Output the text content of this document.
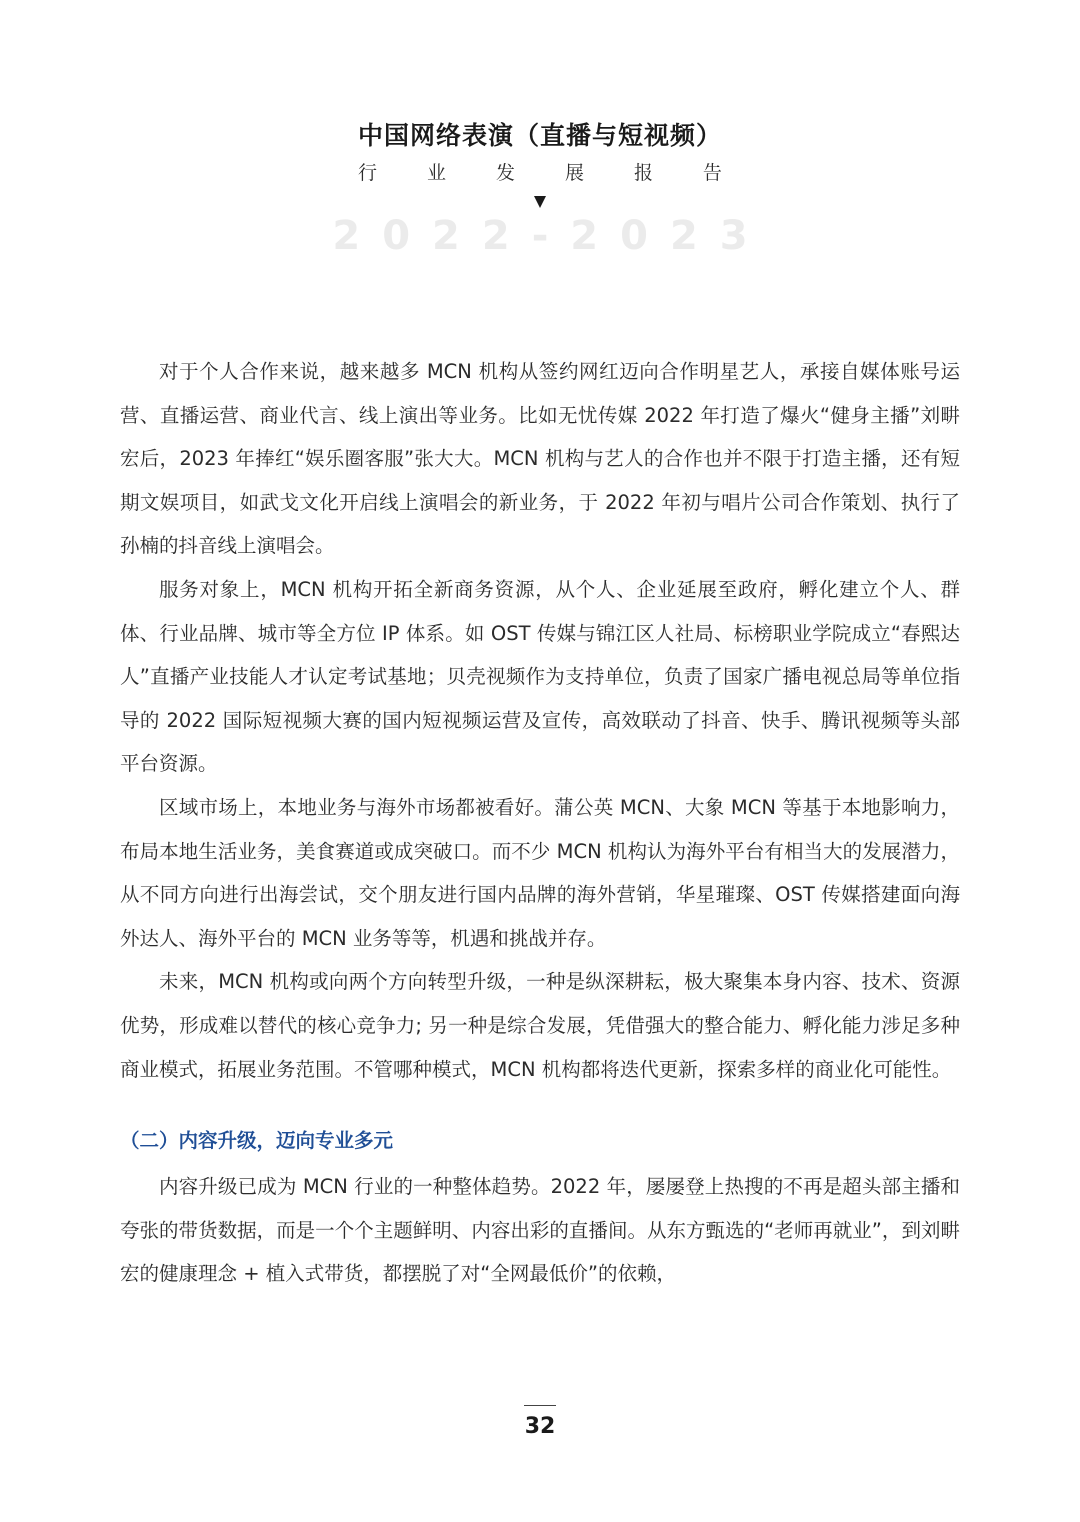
中国网络表演（直播与短视频）
行	业	发	展	报	告
2022-2023

对于个人合作来说，越来越多 MCN 机构从签约网红迈向合作明星艺人，承接自媒体账号运营、直播运营、商业代言、线上演出等业务。比如无忧传媒 2022 年打造了爆火“健身主播”刘畊宏后，2023 年捧红“娱乐圈客服”张大大。MCN 机构与艺人的合作也并不限于打造主播，还有短期文娱项目，如武戈文化开启线上演唱会的新业务，于 2022 年初与唱片公司合作策划、执行了孙楠的抖音线上演唱会。

服务对象上，MCN 机构开拓全新商务资源，从个人、企业延展至政府，孵化建立个人、群体、行业品牌、城市等全方位 IP 体系。如 OST 传媒与锦江区人社局、标榜职业学院成立“春熙达人”直播产业技能人才认定考试基地；贝壳视频作为支持单位，负责了国家广播电视总局等单位指导的 2022 国际短视频大赛的国内短视频运营及宣传，高效联动了抖音、快手、腾讯视频等头部平台资源。

区域市场上，本地业务与海外市场都被看好。蒲公英 MCN、大象 MCN 等基于本地影响力，布局本地生活业务，美食赛道或成突破口。而不少 MCN 机构认为海外平台有相当大的发展潜力，从不同方向进行出海尝试，交个朋友进行国内品牌的海外营销，华星璀璨、OST 传媒搭建面向海外达人、海外平台的 MCN 业务等等，机遇和挑战并存。

未来，MCN 机构或向两个方向转型升级，一种是纵深耕耘，极大聚集本身内容、技术、资源优势，形成难以替代的核心竞争力; 另一种是综合发展，凭借强大的整合能力、孵化能力涉足多种商业模式，拓展业务范围。不管哪种模式，MCN 机构都将迭代更新，探索多样的商业化可能性。

（二）内容升级，迈向专业多元

内容升级已成为 MCN 行业的一种整体趋势。2022 年，屡屡登上热搜的不再是超头部主播和夸张的带货数据，而是一个个主题鲜明、内容出彩的直播间。从东方甄选的“老师再就业”，到刘畊宏的健康理念 + 植入式带货，都摆脱了对“全网最低价”的依赖，

32
